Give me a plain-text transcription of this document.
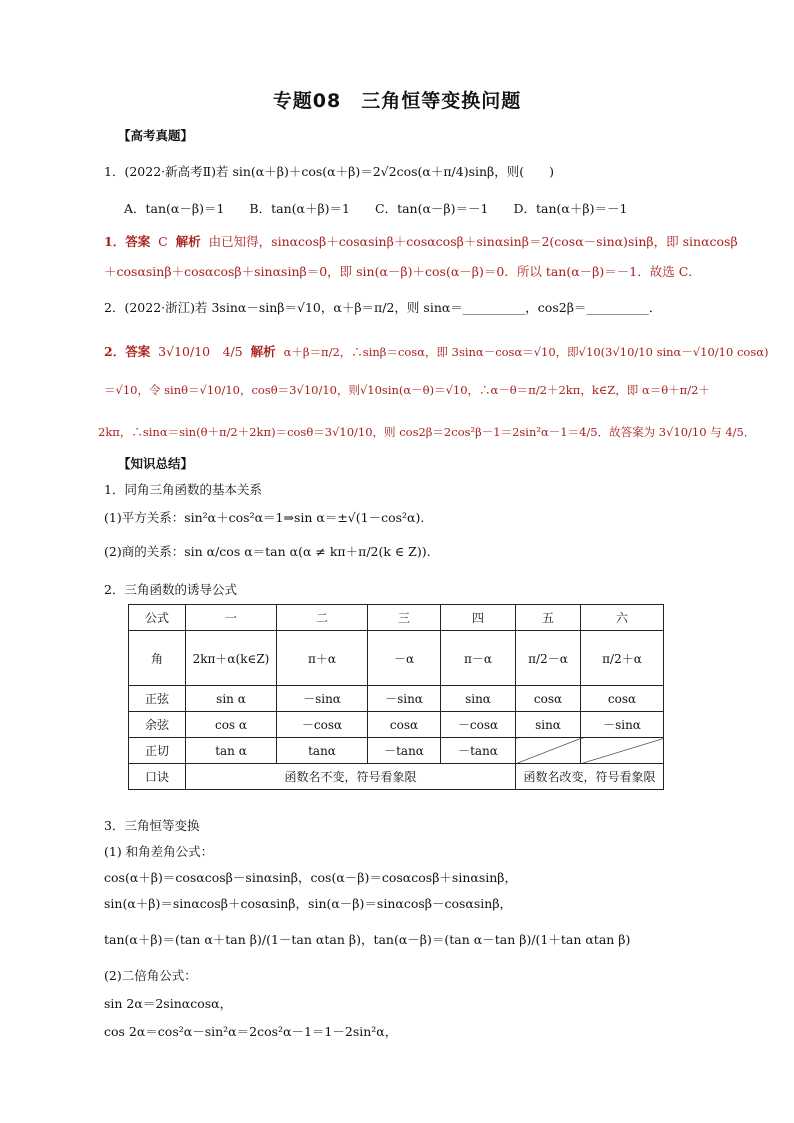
专题08　三角恒等变换问题
【高考真题】
1．(2022·新高考Ⅱ)若 sin(α＋β)＋cos(α＋β)＝2√2cos(α＋π/4)sinβ，则(　　)
A．tan(α－β)＝1　　B．tan(α＋β)＝1　　C．tan(α－β)＝－1　　D．tan(α＋β)＝－1
1．答案 C 解析 由已知得，sinαcosβ＋cosαsinβ＋cosαcosβ＋sinαsinβ＝2(cosα－sinα)sinβ，即 sinαcosβ
＋cosαsinβ＋cosαcosβ＋sinαsinβ＝0，即 sin(α－β)＋cos(α－β)＝0．所以 tan(α－β)＝－1．故选 C．
2．(2022·浙江)若 3sinα－sinβ＝√10，α＋β＝π/2，则 sinα＝__________，cos2β＝__________．
2．答案 3√10/10　4/5 解析 α＋β＝π/2，∴sinβ＝cosα，即 3sinα－cosα＝√10，即√10(3√10/10 sinα－√10/10 cosα)
＝√10，令 sinθ＝√10/10，cosθ＝3√10/10，则√10sin(α－θ)＝√10，∴α－θ＝π/2＋2kπ，k∈Z，即 α＝θ＋π/2＋
2kπ，∴sinα＝sin(θ＋π/2＋2kπ)＝cosθ＝3√10/10，则 cos2β＝2cos²β－1＝2sin²α－1＝4/5．故答案为 3√10/10 与 4/5．
【知识总结】
1．同角三角函数的基本关系
(1)平方关系：sin²α＋cos²α＝1⇒sin α＝±√(1－cos²α).
(2)商的关系：sin α/cos α＝tan α(α ≠ kπ＋π/2(k ∈ Z)).
2．三角函数的诱导公式
公式	一	二	三	四	五	六
角	2kπ＋α(k∈Z)	π＋α	－α	π－α	π/2－α	π/2＋α
正弦	sin α	－sinα	－sinα	sinα	cosα	cosα
余弦	cos α	－cosα	cosα	－cosα	sinα	－sinα
正切	tan α	tanα	－tanα	－tanα		
口诀	函数名不变，符号看象限				函数名改变，符号看象限	
3．三角恒等变换
(1) 和角差角公式：
cos(α＋β)＝cosαcosβ－sinαsinβ，cos(α－β)＝cosαcosβ＋sinαsinβ，
sin(α＋β)＝sinαcosβ＋cosαsinβ，sin(α－β)＝sinαcosβ－cosαsinβ，
tan(α＋β)＝(tan α＋tan β)/(1－tan αtan β)，tan(α－β)＝(tan α－tan β)/(1＋tan αtan β)
(2)二倍角公式：
sin 2α＝2sinαcosα，
cos 2α＝cos²α－sin²α＝2cos²α－1＝1－2sin²α，
